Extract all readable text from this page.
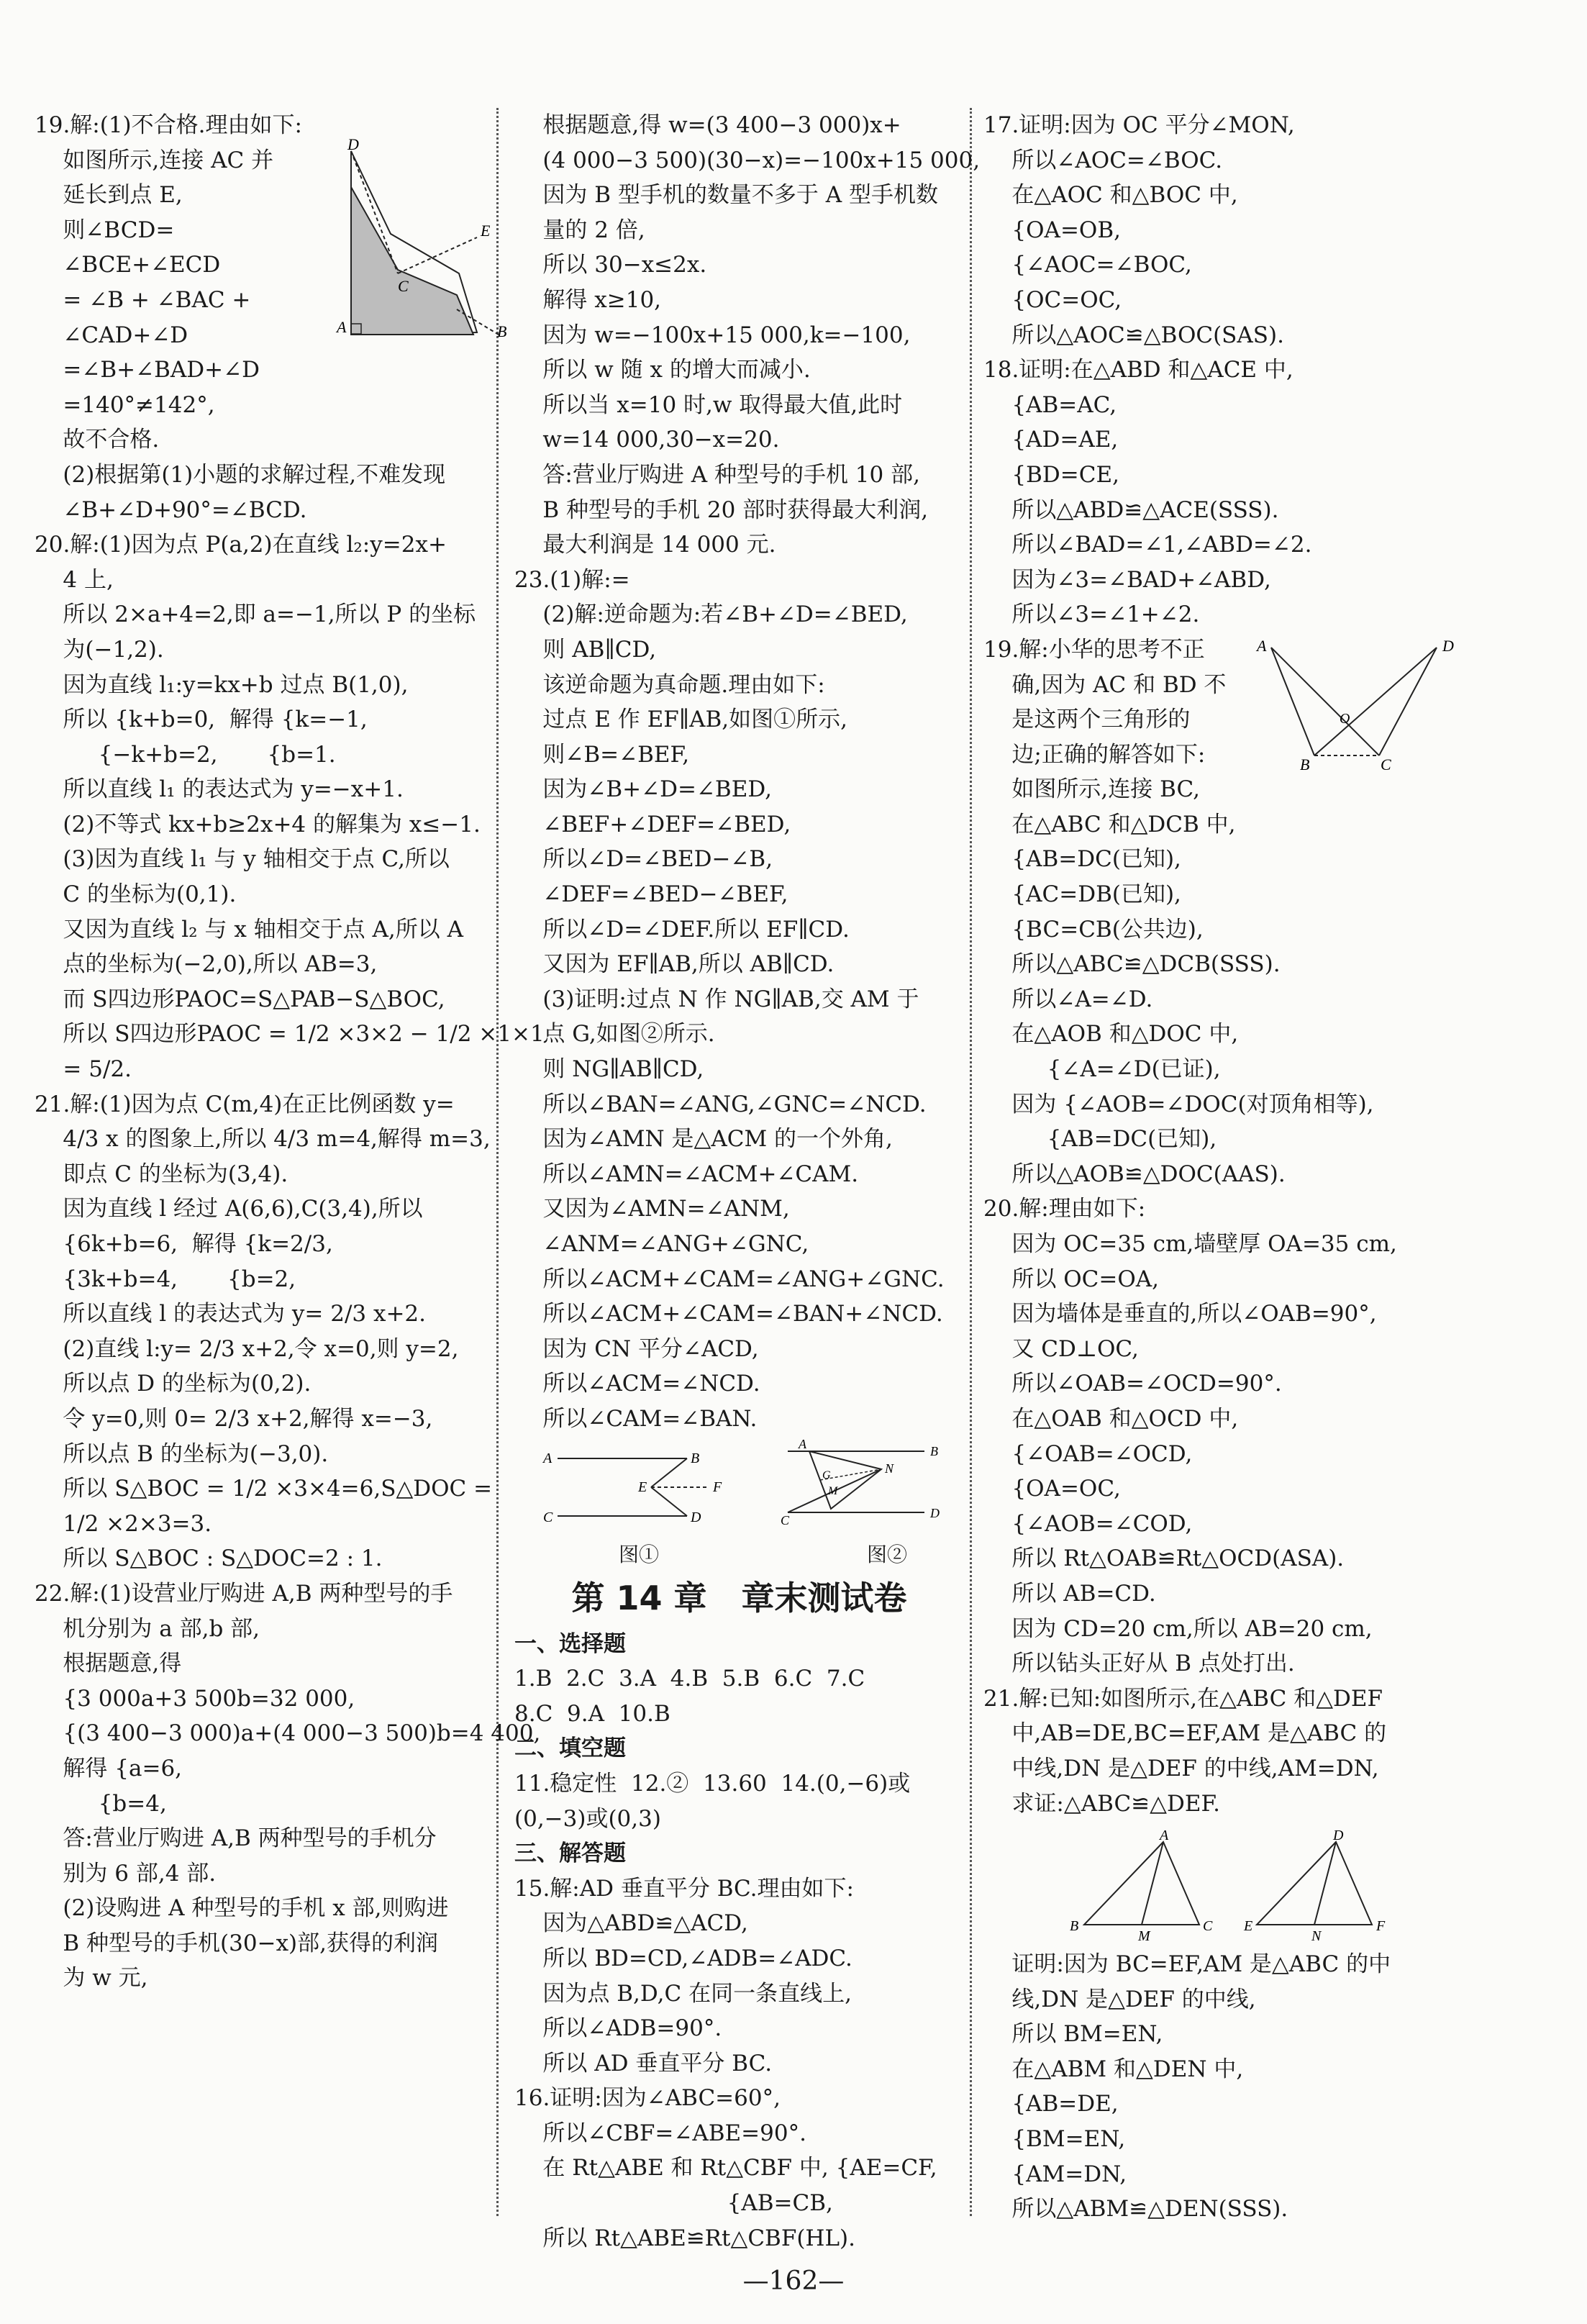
19.解:(1)不合格.理由如下:
如图所示,连接 AC 并
延长到点 E,
则∠BCD=
∠BCE+∠ECD
= ∠B + ∠BAC +
∠CAD+∠D
=∠B+∠BAD+∠D
=140°≠142°,
故不合格.
(2)根据第(1)小题的求解过程,不难发现
∠B+∠D+90°=∠BCD.
20.解:(1)因为点 P(a,2)在直线 l₂:y=2x+
4 上,
所以 2×a+4=2,即 a=−1,所以 P 的坐标
为(−1,2).
因为直线 l₁:y=kx+b 过点 B(1,0),
所以 {k+b=0,  解得 {k=−1,
{−k+b=2,       {b=1.
所以直线 l₁ 的表达式为 y=−x+1.
(2)不等式 kx+b≥2x+4 的解集为 x≤−1.
(3)因为直线 l₁ 与 y 轴相交于点 C,所以
C 的坐标为(0,1).
又因为直线 l₂ 与 x 轴相交于点 A,所以 A
点的坐标为(−2,0),所以 AB=3,
而 S四边形PAOC=S△PAB−S△BOC,
所以 S四边形PAOC = 1/2 ×3×2 − 1/2 ×1×1
= 5/2.
21.解:(1)因为点 C(m,4)在正比例函数 y=
4/3 x 的图象上,所以 4/3 m=4,解得 m=3,
即点 C 的坐标为(3,4).
因为直线 l 经过 A(6,6),C(3,4),所以
{6k+b=6,  解得 {k=2/3,
{3k+b=4,       {b=2,
所以直线 l 的表达式为 y= 2/3 x+2.
(2)直线 l:y= 2/3 x+2,令 x=0,则 y=2,
所以点 D 的坐标为(0,2).
令 y=0,则 0= 2/3 x+2,解得 x=−3,
所以点 B 的坐标为(−3,0).
所以 S△BOC = 1/2 ×3×4=6,S△DOC =
1/2 ×2×3=3.
所以 S△BOC : S△DOC=2 : 1.
22.解:(1)设营业厅购进 A,B 两种型号的手
机分别为 a 部,b 部,
根据题意,得
{3 000a+3 500b=32 000,
{(3 400−3 000)a+(4 000−3 500)b=4 400,
解得 {a=6,
{b=4,
答:营业厅购进 A,B 两种型号的手机分
别为 6 部,4 部.
(2)设购进 A 种型号的手机 x 部,则购进
B 种型号的手机(30−x)部,获得的利润
为 w 元,
D
E
C
A	B
根据题意,得 w=(3 400−3 000)x+
(4 000−3 500)(30−x)=−100x+15 000,
因为 B 型手机的数量不多于 A 型手机数
量的 2 倍,
所以 30−x≤2x.
解得 x≥10,
因为 w=−100x+15 000,k=−100,
所以 w 随 x 的增大而减小.
所以当 x=10 时,w 取得最大值,此时
w=14 000,30−x=20.
答:营业厅购进 A 种型号的手机 10 部,
B 种型号的手机 20 部时获得最大利润,
最大利润是 14 000 元.
23.(1)解:=
(2)解:逆命题为:若∠B+∠D=∠BED,
则 AB∥CD,
该逆命题为真命题.理由如下:
过点 E 作 EF∥AB,如图①所示,
则∠B=∠BEF,
因为∠B+∠D=∠BED,
∠BEF+∠DEF=∠BED,
所以∠D=∠BED−∠B,
∠DEF=∠BED−∠BEF,
所以∠D=∠DEF.所以 EF∥CD.
又因为 EF∥AB,所以 AB∥CD.
(3)证明:过点 N 作 NG∥AB,交 AM 于
点 G,如图②所示.
则 NG∥AB∥CD,
所以∠BAN=∠ANG,∠GNC=∠NCD.
因为∠AMN 是△ACM 的一个外角,
所以∠AMN=∠ACM+∠CAM.
又因为∠AMN=∠ANM,
∠ANM=∠ANG+∠GNC,
所以∠ACM+∠CAM=∠ANG+∠GNC.
所以∠ACM+∠CAM=∠BAN+∠NCD.
因为 CN 平分∠ACD,
所以∠ACM=∠NCD.
所以∠CAM=∠BAN.
A	B
C	D
E	F
A	B
C	D
G	N
M
图①	图②
第 14 章   章末测试卷
一、选择题
1.B  2.C  3.A  4.B  5.B  6.C  7.C
8.C  9.A  10.B
二、填空题
11.稳定性  12.②  13.60  14.(0,−6)或
(0,−3)或(0,3)
三、解答题
15.解:AD 垂直平分 BC.理由如下:
因为△ABD≌△ACD,
所以 BD=CD,∠ADB=∠ADC.
因为点 B,D,C 在同一条直线上,
所以∠ADB=90°.
所以 AD 垂直平分 BC.
16.证明:因为∠ABC=60°,
所以∠CBF=∠ABE=90°.
在 Rt△ABE 和 Rt△CBF 中, {AE=CF,
{AB=CB,
所以 Rt△ABE≌Rt△CBF(HL).
17.证明:因为 OC 平分∠MON,
所以∠AOC=∠BOC.
在△AOC 和△BOC 中,
{OA=OB,
{∠AOC=∠BOC,
{OC=OC,
所以△AOC≌△BOC(SAS).
18.证明:在△ABD 和△ACE 中,
{AB=AC,
{AD=AE,
{BD=CE,
所以△ABD≌△ACE(SSS).
所以∠BAD=∠1,∠ABD=∠2.
因为∠3=∠BAD+∠ABD,
所以∠3=∠1+∠2.
19.解:小华的思考不正
确,因为 AC 和 BD 不
是这两个三角形的
边;正确的解答如下:
如图所示,连接 BC,
在△ABC 和△DCB 中,
{AB=DC(已知),
{AC=DB(已知),
{BC=CB(公共边),
所以△ABC≌△DCB(SSS).
所以∠A=∠D.
在△AOB 和△DOC 中,
{∠A=∠D(已证),
因为 {∠AOB=∠DOC(对顶角相等),
{AB=DC(已知),
所以△AOB≌△DOC(AAS).
20.解:理由如下:
因为 OC=35 cm,墙壁厚 OA=35 cm,
所以 OC=OA,
因为墙体是垂直的,所以∠OAB=90°,
又 CD⊥OC,
所以∠OAB=∠OCD=90°.
在△OAB 和△OCD 中,
{∠OAB=∠OCD,
{OA=OC,
{∠AOB=∠COD,
所以 Rt△OAB≌Rt△OCD(ASA).
所以 AB=CD.
因为 CD=20 cm,所以 AB=20 cm,
所以钻头正好从 B 点处打出.
21.解:已知:如图所示,在△ABC 和△DEF
中,AB=DE,BC=EF,AM 是△ABC 的
中线,DN 是△DEF 的中线,AM=DN,
求证:△ABC≌△DEF.
A	D
O
B	C
A
B
M
C
D
E
N
F
证明:因为 BC=EF,AM 是△ABC 的中
线,DN 是△DEF 的中线,
所以 BM=EN,
在△ABM 和△DEN 中,
{AB=DE,
{BM=EN,
{AM=DN,
所以△ABM≌△DEN(SSS).
—162—
